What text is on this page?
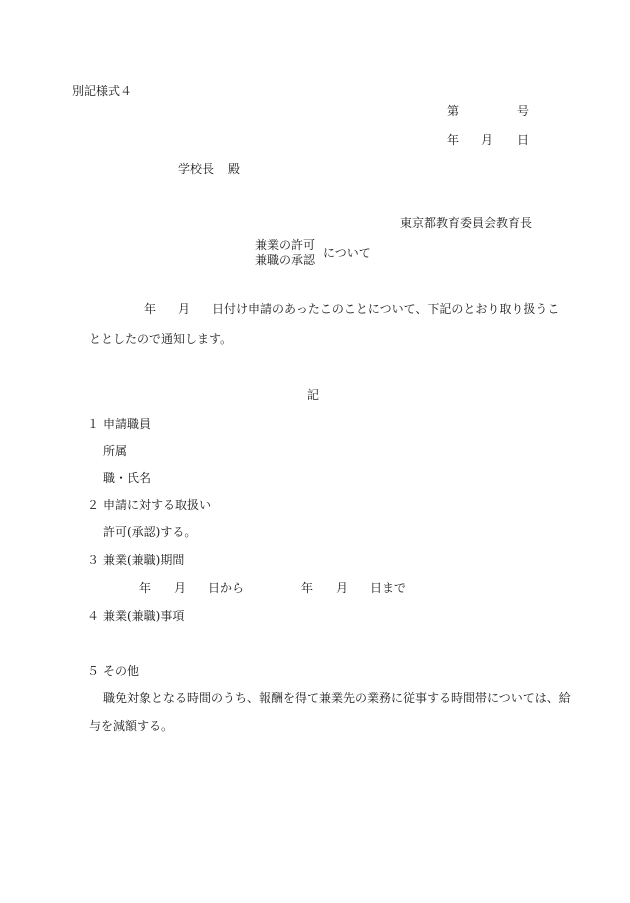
別記様式４
第	号
年 月 日
学校長 殿
東京都教育委員会教育長
兼業の許可
兼職の承認 について
年 月 日付け申請のあったこのことについて、下記のとおり取り扱うこ
ととしたので通知します。
記
１ 申請職員
所属
職・氏名
２ 申請に対する取扱い
許可(承認)する。
３ 兼業(兼職)期間
年 月 日から	年 月 日まで
４ 兼業(兼職)事項
５ その他
職免対象となる時間のうち、報酬を得て兼業先の業務に従事する時間帯については、給
与を減額する。
